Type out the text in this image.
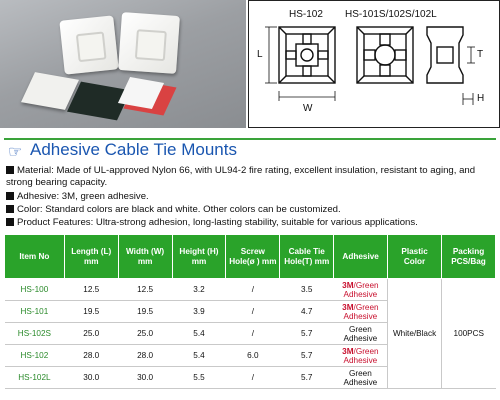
HS-102 HS-101S/102S/102L
L
W
T
H
☞ Adhesive Cable Tie Mounts
Material: Made of UL-approved Nylon 66, with UL94-2 fire rating, excellent insulation, resistant to aging, and strong bearing capacity.
Adhesive: 3M, green adhesive.
Color: Standard colors are black and white. Other colors can be customized.
Product Features: Ultra-strong adhesion, long-lasting stability, suitable for various applications.
Item No	Length (L) mm	Width (W) mm	Height (H) mm	Screw Hole(ø ) mm	Cable Tie Hole(T) mm	Adhesive	Plastic Color	Packing PCS/Bag
HS-100	12.5	12.5	3.2	/	3.5	3M/Green Adhesive	White/Black	100PCS
HS-101	19.5	19.5	3.9	/	4.7	3M/Green Adhesive		
HS-102S	25.0	25.0	5.4	/	5.7	Green Adhesive		
HS-102	28.0	28.0	5.4	6.0	5.7	3M/Green Adhesive		
HS-102L	30.0	30.0	5.5	/	5.7	Green Adhesive		
